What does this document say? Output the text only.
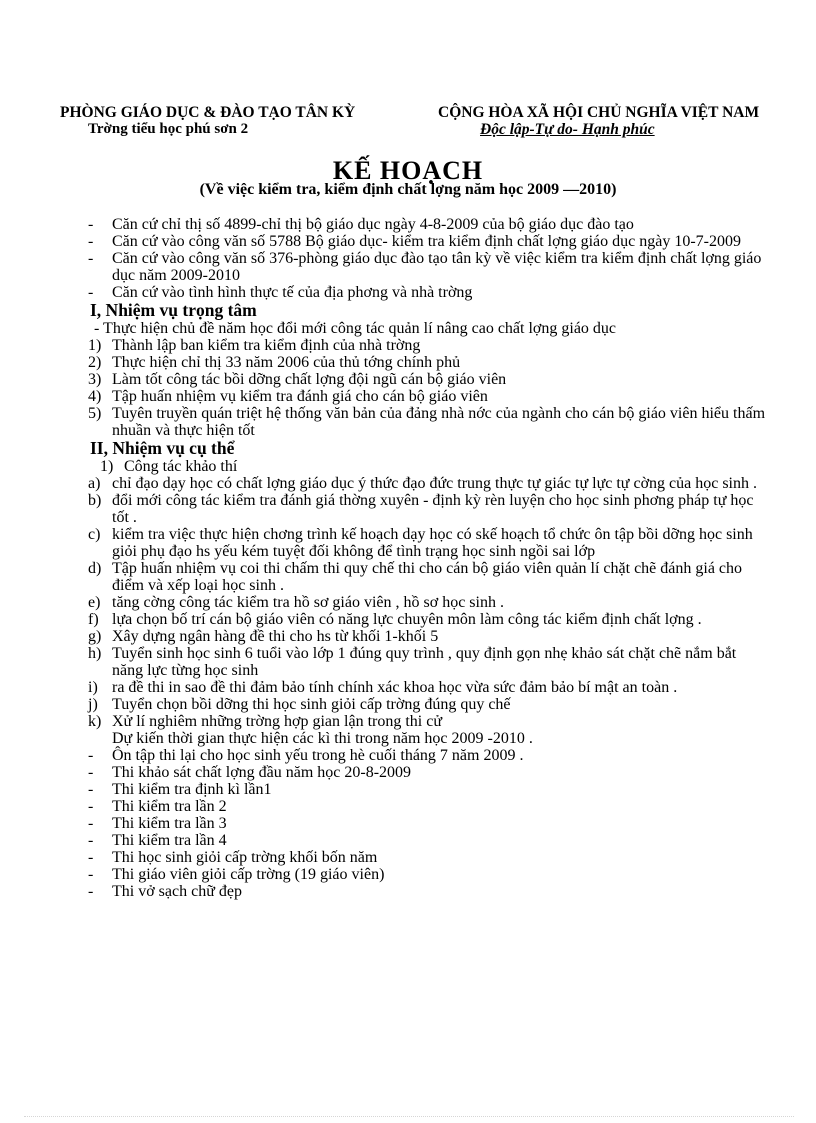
PHÒNG GIÁO DỤC & ĐÀO TẠO TÂN KỲ
Trờng tiểu học phú sơn 2
CỘNG HÒA XÃ HỘI CHỦ NGHĨA VIỆT NAM
Độc lập-Tự do- Hạnh phúc
KẾ HOẠCH
(Về việc kiểm tra, kiểm định chất lợng năm học 2009 —2010)
-	Căn cứ chỉ thị số 4899-chỉ thị bộ giáo dục ngày 4-8-2009 của bộ giáo dục đào tạo
-	Căn cứ vào công văn số 5788 Bộ giáo dục- kiểm tra kiểm định chất lợng giáo dục ngày 10-7-2009
-	Căn cứ vào công văn số 376-phòng giáo dục đào tạo tân kỳ về việc kiểm tra kiểm định chất lợng giáo dục năm 2009-2010
-	Căn cứ vào tình hình thực tế của địa phơng và nhà trờng
I, Nhiệm vụ trọng tâm
- Thực hiện chủ đề năm học đổi mới công tác quản lí nâng cao chất lợng giáo dục
1) Thành lập ban kiểm tra kiểm định của nhà trờng
2) Thực hiện chỉ thị 33 năm 2006 của thủ tớng chính phủ
3) Làm tốt công tác bồi dỡng chất lợng đội ngũ cán bộ giáo viên
4) Tập huấn nhiệm vụ kiểm tra đánh giá cho cán bộ giáo viên
5) Tuyên truyền quán triệt hệ thống văn bản của đảng nhà nớc của ngành cho cán bộ giáo viên hiểu thấm nhuần và thực hiện tốt
II, Nhiệm vụ cụ thể
1) Công tác khảo thí
a) chỉ đạo dạy học có chất lợng giáo dục ý thức đạo đức trung thực tự giác tự lực tự cờng của học sinh .
b) đổi mới công tác kiểm tra đánh giá thờng xuyên - định kỳ rèn luyện cho học sinh phơng pháp tự học tốt .
c) kiểm tra việc thực hiện chơng trình kế hoạch dạy học có skế hoạch tổ chức ôn tập bồi dỡng học sinh giỏi phụ đạo hs yếu kém tuyệt đối không để tình trạng học sinh ngồi sai lớp
d) Tập huấn nhiệm vụ coi thi chấm thi quy chế thi cho cán bộ giáo viên quản lí chặt chẽ đánh giá cho điểm và xếp loại học sinh .
e) tăng cờng công tác kiểm tra hồ sơ giáo viên , hồ sơ học sinh .
f) lựa chọn bố trí cán bộ giáo viên có năng lực chuyên môn làm công tác kiểm định chất lợng .
g) Xây dựng ngân hàng đề thi cho hs từ khối 1-khối 5
h) Tuyển sinh học sinh 6 tuổi vào lớp 1 đúng quy trình , quy định gọn nhẹ khảo sát chặt chẽ nắm bắt năng lực từng học sinh
i) ra đề thi in sao đề thi đảm bảo tính chính xác khoa học vừa sức đảm bảo bí mật an toàn .
j) Tuyển chọn bồi dỡng thi học sinh giỏi cấp trờng đúng quy chế
k) Xử lí nghiêm những trờng hợp gian lận trong thi cử
Dự kiến thời gian thực hiện các kì thi trong năm học 2009 -2010 .
-	Ôn tập thi lại cho học sinh yếu trong hè cuối tháng 7 năm 2009 .
-	Thi khảo sát chất lợng đầu năm học 20-8-2009
-	Thi kiểm tra định kì lần1
-	Thi kiểm tra lần 2
-	Thi kiểm tra lần 3
-	Thi kiểm tra lần 4
-	Thi học sinh giỏi cấp trờng khối bốn năm
-	Thi giáo viên giỏi cấp trờng (19 giáo viên)
-	Thi vở sạch chữ đẹp
